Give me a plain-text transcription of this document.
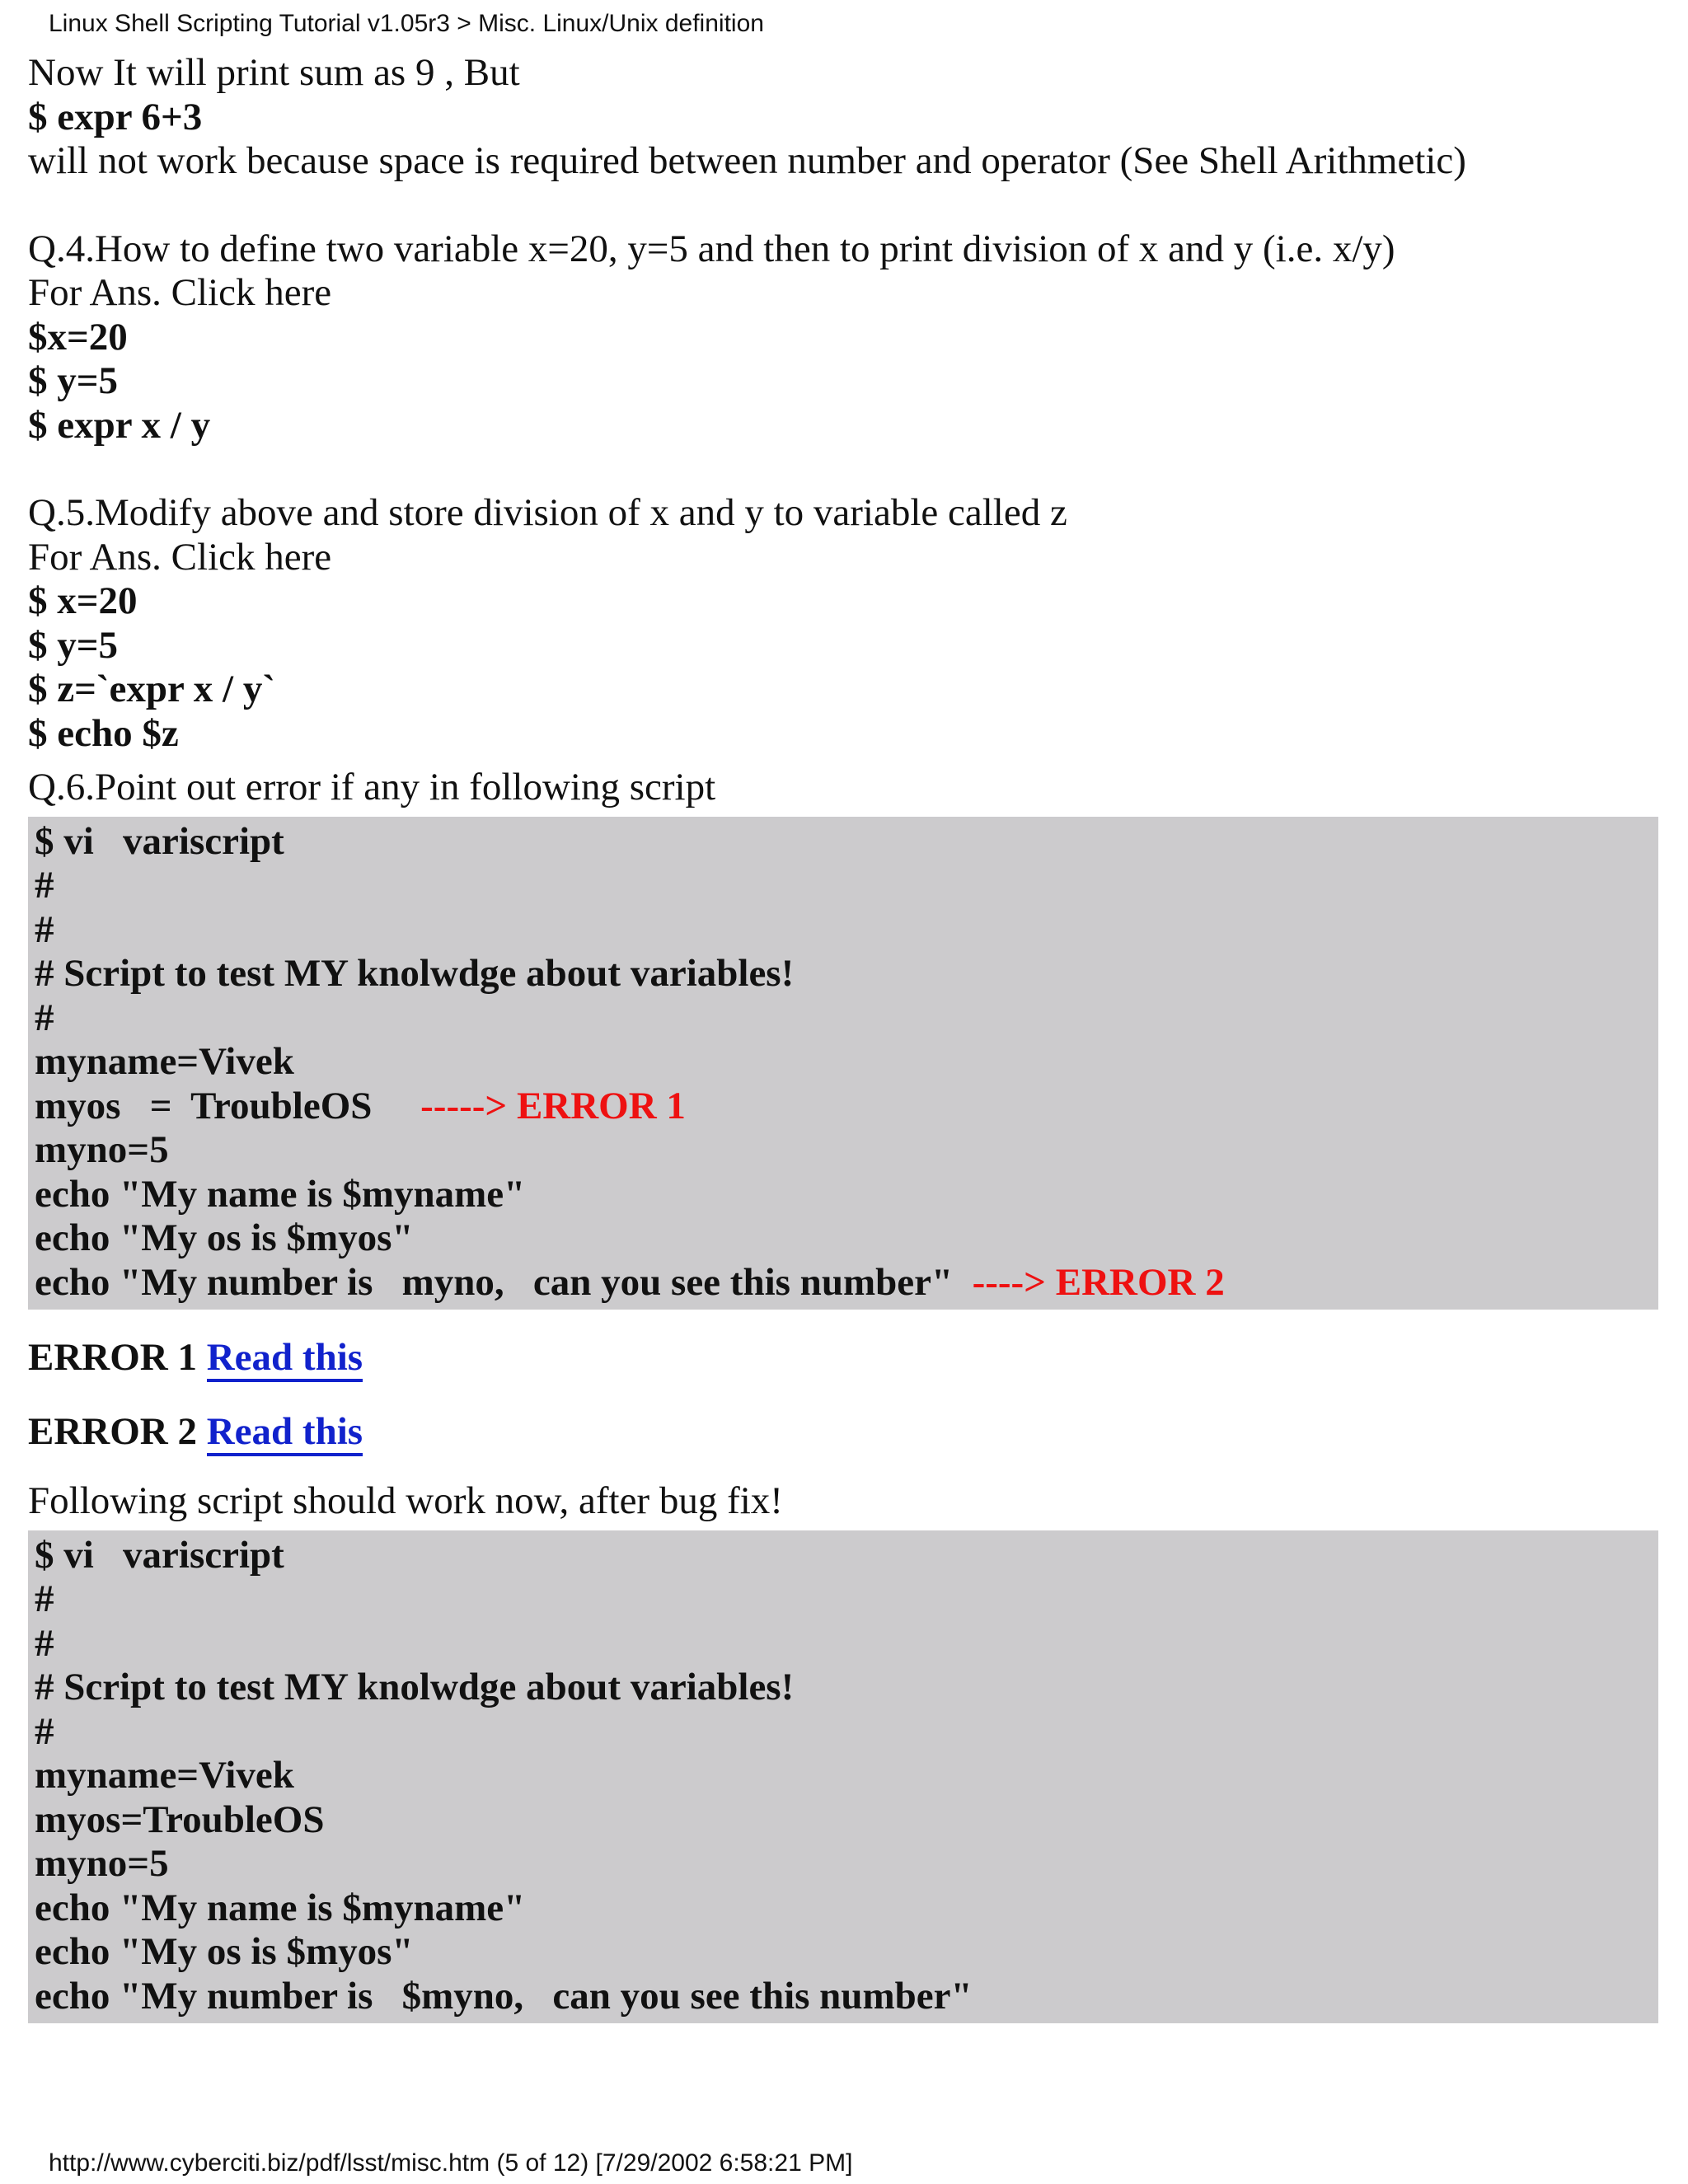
Linux Shell Scripting Tutorial v1.05r3 > Misc. Linux/Unix definition
Now It will print sum as 9 , But
$ expr 6+3
will not work because space is required between number and operator (See Shell Arithmetic)
Q.4.How to define two variable x=20, y=5 and then to print division of x and y (i.e. x/y)
For Ans. Click here
$x=20
$ y=5
$ expr x / y
Q.5.Modify above and store division of x and y to variable called z
For Ans. Click here
$ x=20
$ y=5
$ z=`expr x / y`
$ echo $z
Q.6.Point out error if any in following script
$ vi   variscript
#
#
# Script to test MY knolwdge about variables!
#
myname=Vivek
myos   =  TroubleOS -----> ERROR 1
myno=5
echo "My name is $myname"
echo "My os is $myos"
echo "My number is   myno,   can you see this number" ----> ERROR 2
ERROR 1 Read this
ERROR 2 Read this
Following script should work now, after bug fix!
$ vi   variscript
#
#
# Script to test MY knolwdge about variables!
#
myname=Vivek
myos=TroubleOS
myno=5
echo "My name is $myname"
echo "My os is $myos"
echo "My number is   $myno,   can you see this number"
http://www.cyberciti.biz/pdf/lsst/misc.htm (5 of 12) [7/29/2002 6:58:21 PM]
